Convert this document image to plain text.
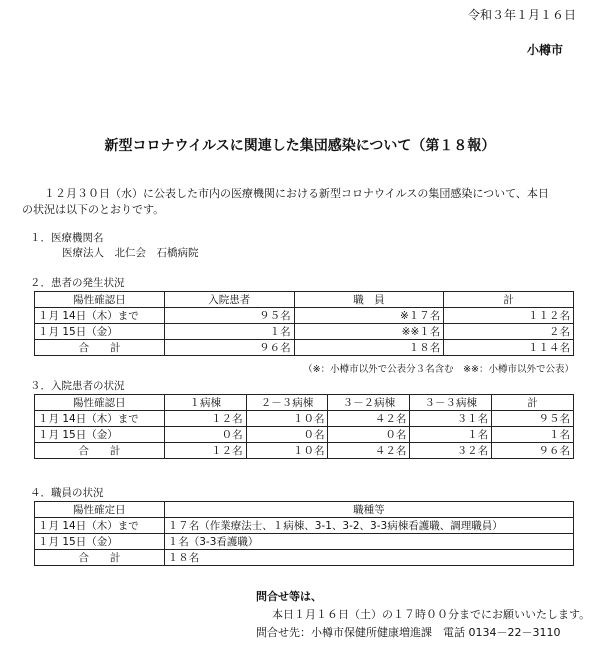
令和３年１月１６日
小樽市
新型コロナウイルスに関連した集団感染について（第１８報）
１２月３０日（水）に公表した市内の医療機関における新型コロナウイルスの集団感染について、本日
の状況は以下のとおりです。
１．医療機関名
医療法人　北仁会　石橋病院
２．患者の発生状況
陽性確認日	入院患者	職　員	計
１月 14日（木）まで	９５名	※１７名	１１２名
１月 15日（金）	１名	※※１名	２名
合　　計	９６名	１８名	１１４名
（※：小樽市以外で公表分３名含む　※※：小樽市以外で公表）
３．入院患者の状況
陽性確認日	１病棟	２－３病棟	３－２病棟	３－３病棟	計
１月 14日（木）まで	１２名	１０名	４２名	３１名	９５名
１月 15日（金）	０名	０名	０名	１名	１名
合　　計	１２名	１０名	４２名	３２名	９６名
４．職員の状況
陽性確定日	職種等
１月 14日（木）まで	１７名（作業療法士、１病棟、3-1、3-2、3-3病棟看護職、調理職員）
１月 15日（金）	１名（3-3看護職）
合　　計	１８名
問合せ等は、
本日１月１６日（土）の１７時００分までにお願いいたします。
問合せ先：小樽市保健所健康増進課　電話 0134－22－3110
